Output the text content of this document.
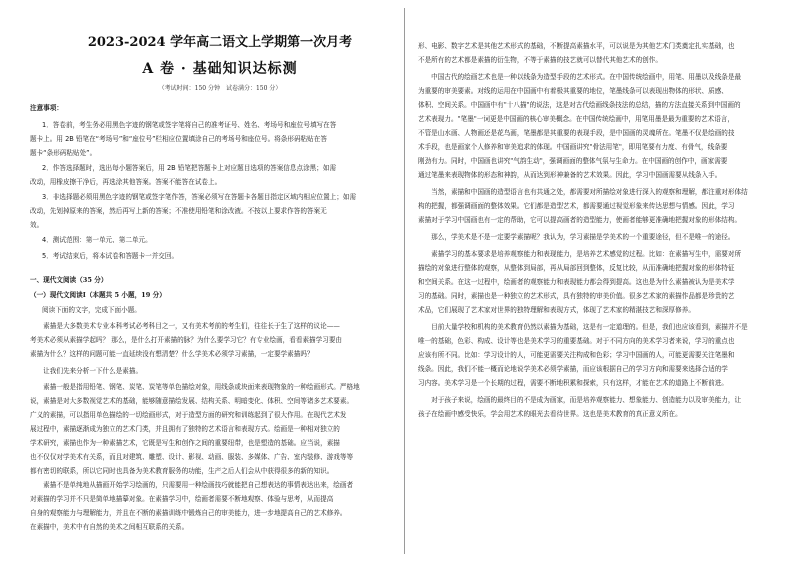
2023-2024 学年高二语文上学期第一次月考
A 卷 · 基础知识达标测
（考试时间：150 分钟　试卷满分：150 分）
注意事项：
1．答卷前，考生务必用黑色字迹的钢笔或签字笔将自己的准考证号、姓名、考场号和座位号填写在答
题卡上。用 2B 铅笔在“考场号”和“座位号”栏相应位置填涂自己的考场号和座位号。将条形码粘贴在答
题卡“条形码粘贴处”。
2．作答选择题时，选出每小题答案后，用 2B 铅笔把答题卡上对应题目选项的答案信息点涂黑；如需
改动，用橡皮擦干净后，再选涂其他答案。答案不能答在试卷上。
3．非选择题必须用黑色字迹的钢笔或签字笔作答，答案必须写在答题卡各题目指定区域内相应位置上；如需
改动，先划掉原来的答案，然后再写上新的答案；不准使用铅笔和涂改液。不按以上要求作答的答案无
效。
4．测试范围：第一单元、第二单元。
5．考试结束后，将本试卷和答题卡一并交回。
一、现代文阅读（35 分）
（一）现代文阅读Ⅰ（本题共 5 小题，19 分）
阅读下面的文字，完成下面小题。
　　素描是大多数美术专业本科考试必考科目之一，又有美术考前的考生们，往往长于生了这样的议论——
考美术必须从素描学起吗？ 那么，是什么打开素描的脉？为什么要学习它？有专业绘画，看看素描学习要由
素描为什么？这样的问题可能一直延续没有想清楚？什么学美术必须学习素描，一定要学素描吗？
　　让我们先来分析一下什么是素描。
　　素描一般是指用铅笔、钢笔、炭笔、炭笔等单色描绘对象，用线条或块面来表现物象的一种绘画形式。严格地
说，素描是对大多数视觉艺术的基础，能够随意描绘发展、结构关系、明暗变化、体积、空间等诸多艺术要素。
广义的素描，可以指用单色描绘的一切绘画形式，对于造型方面的研究和训练起到了很大作用。在现代艺术发
展过程中，素描逐渐成为独立的艺术门类，并且拥有了独特的艺术语言和表现方式。绘画是一种相对独立的
学术研究，素描也作为一种素描艺术，它既是写生和创作之间的重要纽带，也是塑造的基础。应当说，素描
也不仅仅对学美术有关系，而且对建筑、雕塑、设计、影视、动画、服装、多媒体、广告、室内装修、游戏等等
都有密切的联系，所以它同时也具备为美术教育服务的功能，生产之后人们会从中获得很多的新的知识。
　　素描不是单纯地从描画开始学习绘画的，只需要用一种绘画技巧就能把自己想表达的事情表达出来，绘画者
对素描的学习并不只是简单地描摹对象。在素描学习中，绘画者需要不断地观察、体验与思考，从而提高
自身的观察能力与理解能力，并且在不断的素描训练中锻炼自己的审美能力，进一步地提高自己的艺术修养。
在素描中，美术中有自然的美术之间相互联系的关系。
形、电影、数字艺术是其他艺术形式的基础，不断提高素描水平，可以说是为其他艺术门类奠定扎实基础，也
不是所有的艺术都是素描的衍生物，不等于素描的技艺就可以替代其他艺术的创作。
　　中国古代的绘画艺术也是一种以线条为造型手段的艺术形式。在中国传统绘画中，用笔、用墨以及线条是最
为重要的审美要素。对线的运用在中国画中有着极其重要的地位，笔墨线条可以表现出物体的形状、质感、
体积、空间关系。中国画中有"十八描"的说法，这是对古代绘画线条技法的总结，描的方法直接关系到中国画的
艺术表现力。"笔墨"一词更是中国画的核心审美概念。在中国传统绘画中，用笔用墨是最为重要的艺术语言，
不管是山水画、人物画还是花鸟画，笔墨都是其重要的表现手段，是中国画的灵魂所在。笔墨不仅是绘画的技
术手段，也是画家个人修养和审美追求的体现。中国画讲究"骨法用笔"，即用笔要有力度、有骨气，线条要
刚劲有力。同时，中国画也讲究"气韵生动"，强调画面的整体气氛与生命力。在中国画的创作中，画家需要
通过笔墨来表现物体的形态和神韵，从而达到形神兼备的艺术效果。因此，学习中国画需要从线条入手。
　　当然，素描和中国画的造型语言也有共通之处，都需要对所描绘对象进行深入的观察和理解，都注重对形体结
构的把握，都强调画面的整体效果。它们都是造型艺术，都需要通过视觉形象来传达思想与情感。因此，学习
素描对于学习中国画也有一定的帮助，它可以提高画者的造型能力，使画者能够更准确地把握对象的形体结构。
　　那么，学美术是不是一定要学素描呢？我认为，学习素描是学美术的一个重要途径，但不是唯一的途径。
　　素描学习的基本要求是培养观察能力和表现能力，是培养艺术感觉的过程。比如：在素描写生中，需要对所
描绘的对象进行整体的观察，从整体到局部，再从局部回到整体，反复比较，从而准确地把握对象的形体特征
和空间关系。在这一过程中，绘画者的观察能力和表现能力都会得到提高。这也是为什么素描被认为是美术学
习的基础。同时，素描也是一种独立的艺术形式，具有独特的审美价值。很多艺术家的素描作品都是珍贵的艺
术品，它们展现了艺术家对世界的独特理解和表现方式，体现了艺术家的精湛技艺和深厚修养。
　　目前大量学校和机构的美术教育仍然以素描为基础，这是有一定道理的。但是，我们也应该看到，素描并不是
唯一的基础，色彩、构成、设计等也是美术学习的重要基础。对于不同方向的美术学习者来说，学习的重点也
应该有所不同。比如：学习设计的人，可能更需要关注构成和色彩；学习中国画的人，可能更需要关注笔墨和
线条。因此，我们不能一概而论地说学美术必须学素描，而应该根据自己的学习方向和需要来选择合适的学
习内容。美术学习是一个长期的过程，需要不断地积累和探索，只有这样，才能在艺术的道路上不断前进。
　　对于孩子来说，绘画的最终目的不是成为画家，而是培养观察能力、想象能力、创造能力以及审美能力，让
孩子在绘画中感受快乐，学会用艺术的眼光去看待世界。这也是美术教育的真正意义所在。
